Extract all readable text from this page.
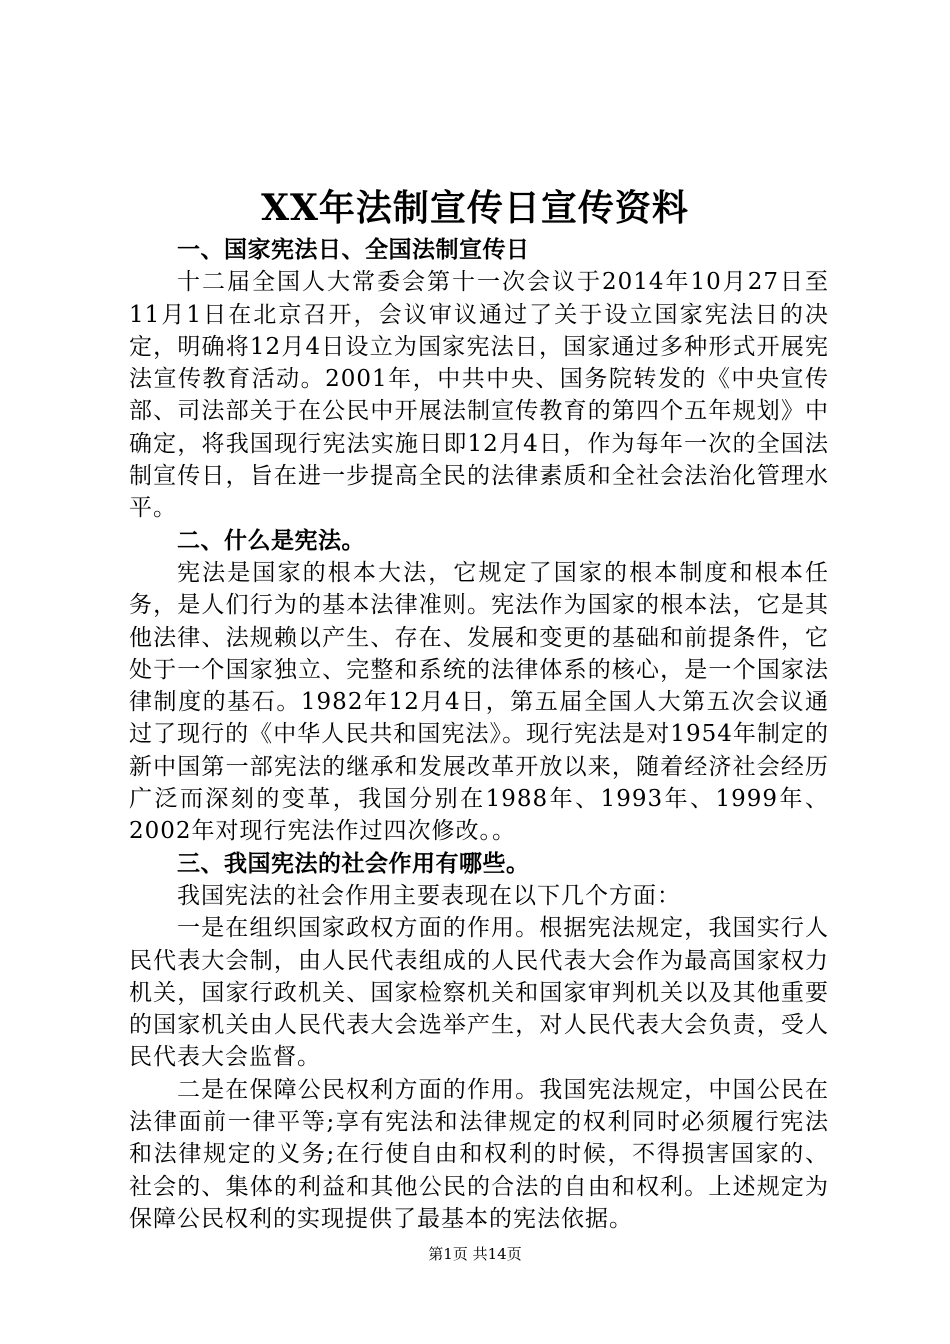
XX年法制宣传日宣传资料

一、国家宪法日、全国法制宣传日

十二届全国人大常委会第十一次会议于2014年10月27日至11月1日在北京召开，会议审议通过了关于设立国家宪法日的决定，明确将12月4日设立为国家宪法日，国家通过多种形式开展宪法宣传教育活动。2001年，中共中央、国务院转发的《中央宣传部、司法部关于在公民中开展法制宣传教育的第四个五年规划》中确定，将我国现行宪法实施日即12月4日，作为每年一次的全国法制宣传日，旨在进一步提高全民的法律素质和全社会法治化管理水平。

二、什么是宪法。

宪法是国家的根本大法，它规定了国家的根本制度和根本任务，是人们行为的基本法律准则。宪法作为国家的根本法，它是其他法律、法规赖以产生、存在、发展和变更的基础和前提条件，它处于一个国家独立、完整和系统的法律体系的核心，是一个国家法律制度的基石。1982年12月4日，第五届全国人大第五次会议通过了现行的《中华人民共和国宪法》。现行宪法是对1954年制定的新中国第一部宪法的继承和发展改革开放以来，随着经济社会经历广泛而深刻的变革，我国分别在1988年、1993年、1999年、2002年对现行宪法作过四次修改。。

三、我国宪法的社会作用有哪些。

我国宪法的社会作用主要表现在以下几个方面：

一是在组织国家政权方面的作用。根据宪法规定，我国实行人民代表大会制，由人民代表组成的人民代表大会作为最高国家权力机关，国家行政机关、国家检察机关和国家审判机关以及其他重要的国家机关由人民代表大会选举产生，对人民代表大会负责，受人民代表大会监督。

二是在保障公民权利方面的作用。我国宪法规定，中国公民在法律面前一律平等;享有宪法和法律规定的权利同时必须履行宪法和法律规定的义务;在行使自由和权利的时候，不得损害国家的、社会的、集体的利益和其他公民的合法的自由和权利。上述规定为保障公民权利的实现提供了最基本的宪法依据。

第1页 共14页
